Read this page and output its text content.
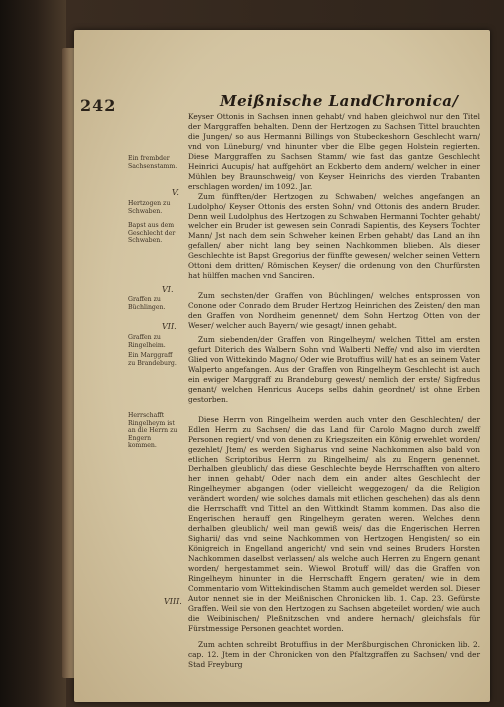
242	Meißnische LandChronica/
Ein frembder Sachsenstamm.
V.
Hertzogen zu Schwaben.
Bapst aus dem Geschlecht der Schwaben.
VI.
Graffen zu Büchlingen.
VII.
Graffen zu Ringelheim.
Ein Marggraff zu Brandeburg.
Herrschafft Ringelheym ist an die Herrn zu Engern kommen.
VIII.

Keyser Ottonis in Sachsen innen gehabt/ vnd haben gleichwol nur den Titel der Marggraffen behalten. Denn der Hertzogen zu Sachsen Tittel brauchten die Jungen/ so aus Hermanni Billings von Stubeckeshorn Geschlecht warn/ vnd von Lüneburg/ vnd hinunter vber die Elbe gegen Holstein regierten. Diese Marggraffen zu Sachsen Stamm/ wie fast das gantze Geschlecht Heinrici Aucupis/ hat auffgehört an Eckberto dem andern/ welcher in einer Mühlen bey Braunschweig/ von Keyser Heinrichs des vierden Trabanten erschlagen worden/ im 1092. Jar.

Zum fünfften/der Hertzogen zu Schwaben/ welches angefangen an Ludolpho/ Keyser Ottonis des ersten Sohn/ vnd Ottonis des andern Bruder. Denn weil Ludolphus des Hertzogen zu Schwaben Hermanni Tochter gehabt/ welcher ein Bruder ist gewesen sein Conradi Sapientis, des Keysers Tochter Mann/ Jst nach dem sein Schweher keinen Erben gehabt/ das Land an ihn gefallen/ aber nicht lang bey seinen Nachkommen blieben. Als dieser Geschlechte ist Bapst Gregorius der fünffte gewesen/ welcher seinen Vettern Ottoni dem dritten/ Römischen Keyser/ die ordenung von den Churfürsten hat hülffen machen vnd Sanciren.

Zum sechsten/der Graffen von Büchlingen/ welches entsprossen von Conone oder Conrado dem Bruder Hertzog Heinrichen des Zeisten/ den man den Graffen von Nordheim genennet/ dem Sohn Hertzog Otten von der Weser/ welcher auch Bayern/ wie gesagt/ innen gehabt.

Zum siebenden/der Graffen von Ringelheym/ welchen Tittel am ersten gefurt Diterich des Walbern Sohn vnd Walberti Neffe/ vnd also im vierdten Glied von Wittekindo Magno/ Oder wie Brotuffius will/ hat es an seinem Vater Walperto angefangen. Aus der Graffen von Ringelheym Geschlecht ist auch ein ewiger Marggraff zu Brandeburg gewest/ nemlich der erste/ Sigfredus genant/ welchen Henricus Auceps selbs dahin geordnet/ ist ohne Erben gestorben.

Diese Herrn von Ringelheim werden auch vnter den Geschlechten/ der Edlen Herrn zu Sachsen/ die das Land für Carolo Magno durch zwelff Personen regiert/ vnd von denen zu Kriegszeiten ein König erwehlet worden/ gezehlet/ Jtem/ es werden Sigharus vnd seine Nachkommen also bald von etlichen Scriptoribus Herrn zu Ringelheim/ als zu Engern genennet. Derhalben gleublich/ das diese Geschlechte beyde Herrschafften von altero her innen gehabt/ Oder nach dem ein ander altes Geschlecht der Ringelheymer abgangen (oder vielleicht weggezogen/ da die Religion verändert worden/ wie solches damals mit etlichen geschehen) das als denn die Herrschafft vnd Tittel an den Wittkindt Stamm kommen. Das also die Engerischen herauff gen Ringelheym geraten weren. Welches denn derhalben gleublich/ weil man gewiß weis/ das die Engerischen Herren Sigharii/ das vnd seine Nachkommen von Hertzogen Hengisten/ so ein Königreich in Engelland angericht/ vnd sein vnd seines Bruders Horsten Nachkommen daselbst verlassen/ als welche auch Herren zu Engern genant worden/ hergestammet sein. Wiewol Brotuff will/ das die Graffen von Ringelheym hinunter in die Herrschafft Engern geraten/ wie in dem Commentario vom Wittekindischen Stamm auch gemeldet werden sol. Dieser Autor nennet sie in der Meißnischen Chronicken lib. 1. Cap. 23. Gefürste Graffen. Weil sie von den Hertzogen zu Sachsen abgeteilet worden/ wie auch die Weibinischen/ Pleßnitzschen vnd andere hernach/ gleichsfals für Fürstmessige Personen geachtet worden.

Zum achten schreibt Brotuffius in der Merßburgischen Chronicken lib. 2. cap. 12. Jtem in der Chronicken von den Pfaltzgraffen zu Sachsen/ vnd der Stad Freyburg
